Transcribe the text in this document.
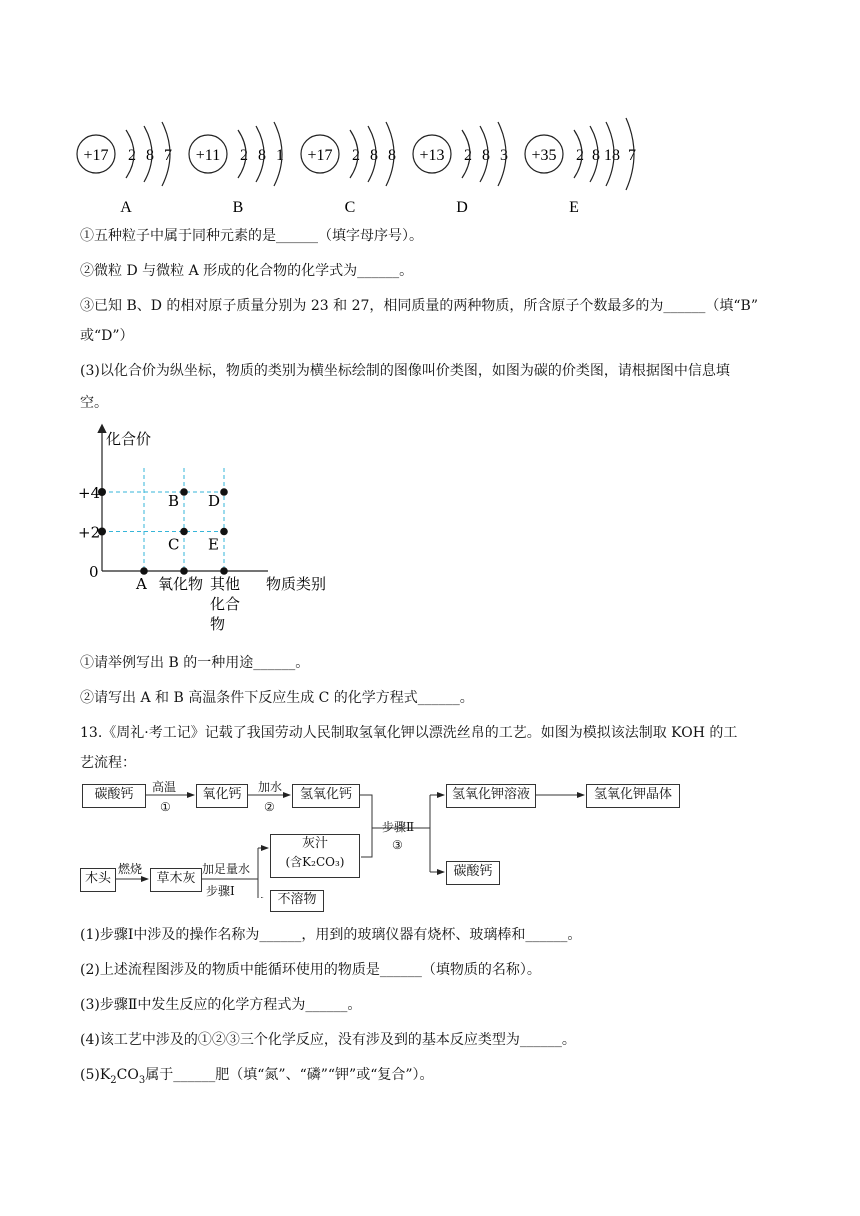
+17 2 8 7
A
+11 2 8 1
B
+17 2 8 8
C
+13 2 8 3
D
+35 2 8 18 7
E
①五种粒子中属于同种元素的是______（填字母序号）。
②微粒 D 与微粒 A 形成的化合物的化学式为______。
③已知 B、D 的相对原子质量分别为 23 和 27，相同质量的两种物质，所含原子个数最多的为______（填“B”
或“D”）
(3)以化合价为纵坐标，物质的类别为横坐标绘制的图像叫价类图，如图为碳的价类图，请根据图中信息填
空。
化合价
+4
+2
0
A
B
C
D
E
氧化物 其他
化合
物
物质类别
①请举例写出 B 的一种用途______。
②请写出 A 和 B 高温条件下反应生成 C 的化学方程式______。
13.《周礼·考工记》记载了我国劳动人民制取氢氧化钾以漂洗丝帛的工艺。如图为模拟该法制取 KOH 的工
艺流程：
碳酸钙	氧化钙	氢氧化钙	氢氧化钾溶液	氢氧化钾晶体
木头	草木灰
灰汁
(含K₂CO₃)
不溶物
碳酸钙
高温
①
加水
②
步骤Ⅱ
③
燃烧	加足量水
步骤Ⅰ
(1)步骤Ⅰ中涉及的操作名称为______，用到的玻璃仪器有烧杯、玻璃棒和______。
(2)上述流程图涉及的物质中能循环使用的物质是______（填物质的名称）。
(3)步骤Ⅱ中发生反应的化学方程式为______。
(4)该工艺中涉及的①②③三个化学反应，没有涉及到的基本反应类型为______。
$(5)K_2CO_3$属于______肥（填“氮”、“磷”“钾”或“复合”）。
